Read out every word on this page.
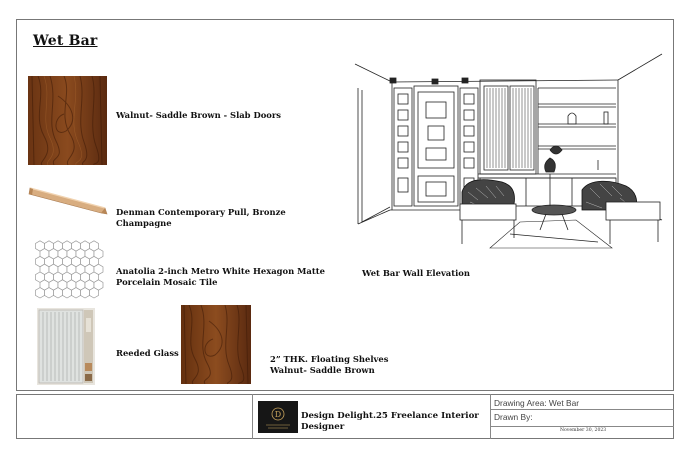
Wet Bar
Walnut- Saddle Brown - Slab Doors
Denman Contemporary Pull, Bronze
Champagne
Anatolia 2-inch Metro White Hexagon Matte
Porcelain Mosaic Tile
Reeded Glass
2” THK. Floating Shelves
Walnut- Saddle Brown
Wet Bar Wall Elevation
D Design Delight.25 Freelance Interior
Designer
Drawing Area: Wet Bar
Drawn By:
November 30, 2023
